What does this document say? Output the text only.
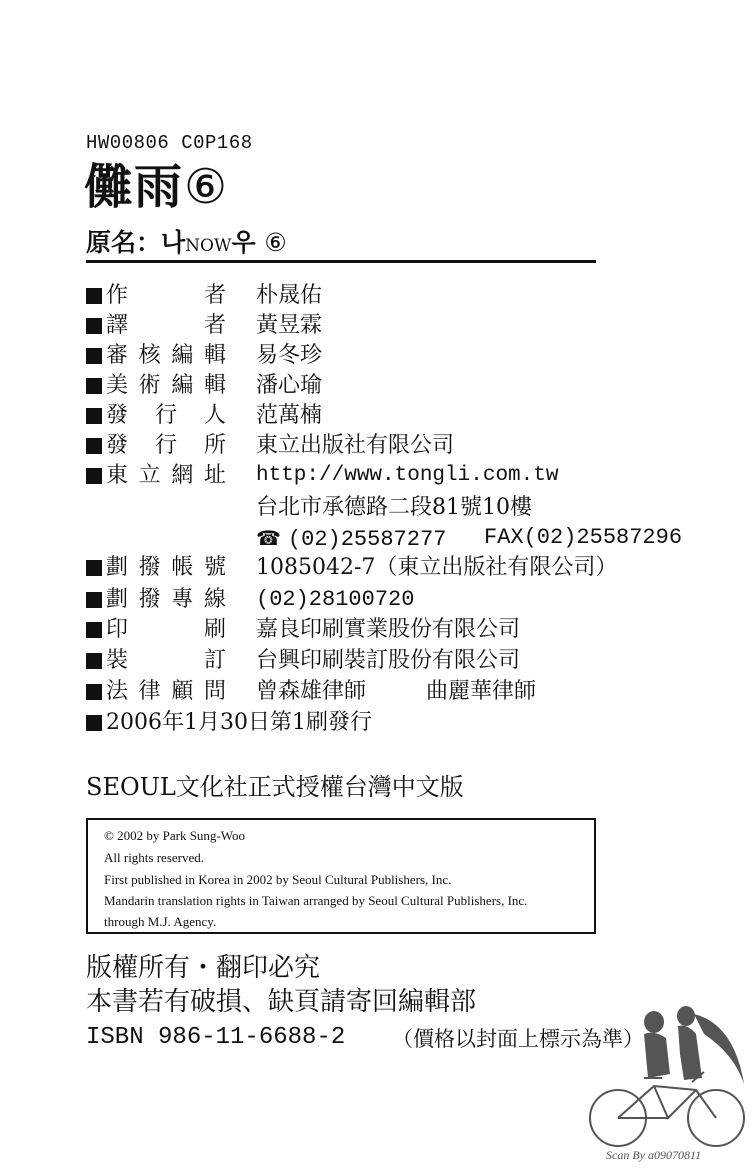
HW00806 C0P168
儺雨⑥
原名：나NOW우 ⑥
作	者 朴晟佑
譯	者 黃昱霖
審 核 編 輯 易冬珍
美 術 編 輯 潘心瑜
發 行 人 范萬楠
發 行 所 東立出版社有限公司
東 立 網 址 http://www.tongli.com.tw
台北市承德路二段81號10樓
☎ (02)25587277 FAX(02)25587296
劃 撥 帳 號 1085042-7（東立出版社有限公司）
劃 撥 專 線 (02)28100720
印	刷 嘉良印刷實業股份有限公司
裝	訂 台興印刷裝訂股份有限公司
法 律 顧 問 曾森雄律師	曲麗華律師
2006年1月30日第1刷發行
SEOUL文化社正式授權台灣中文版
© 2002 by Park Sung-Woo
All rights reserved.
First published in Korea in 2002 by Seoul Cultural Publishers, Inc.
Mandarin translation rights in Taiwan arranged by Seoul Cultural Publishers, Inc.
through M.J. Agency.
版權所有・翻印必究
本書若有破損、缺頁請寄回編輯部
ISBN 986-11-6688-2 （價格以封面上標示為準）
Scan By a09070811
